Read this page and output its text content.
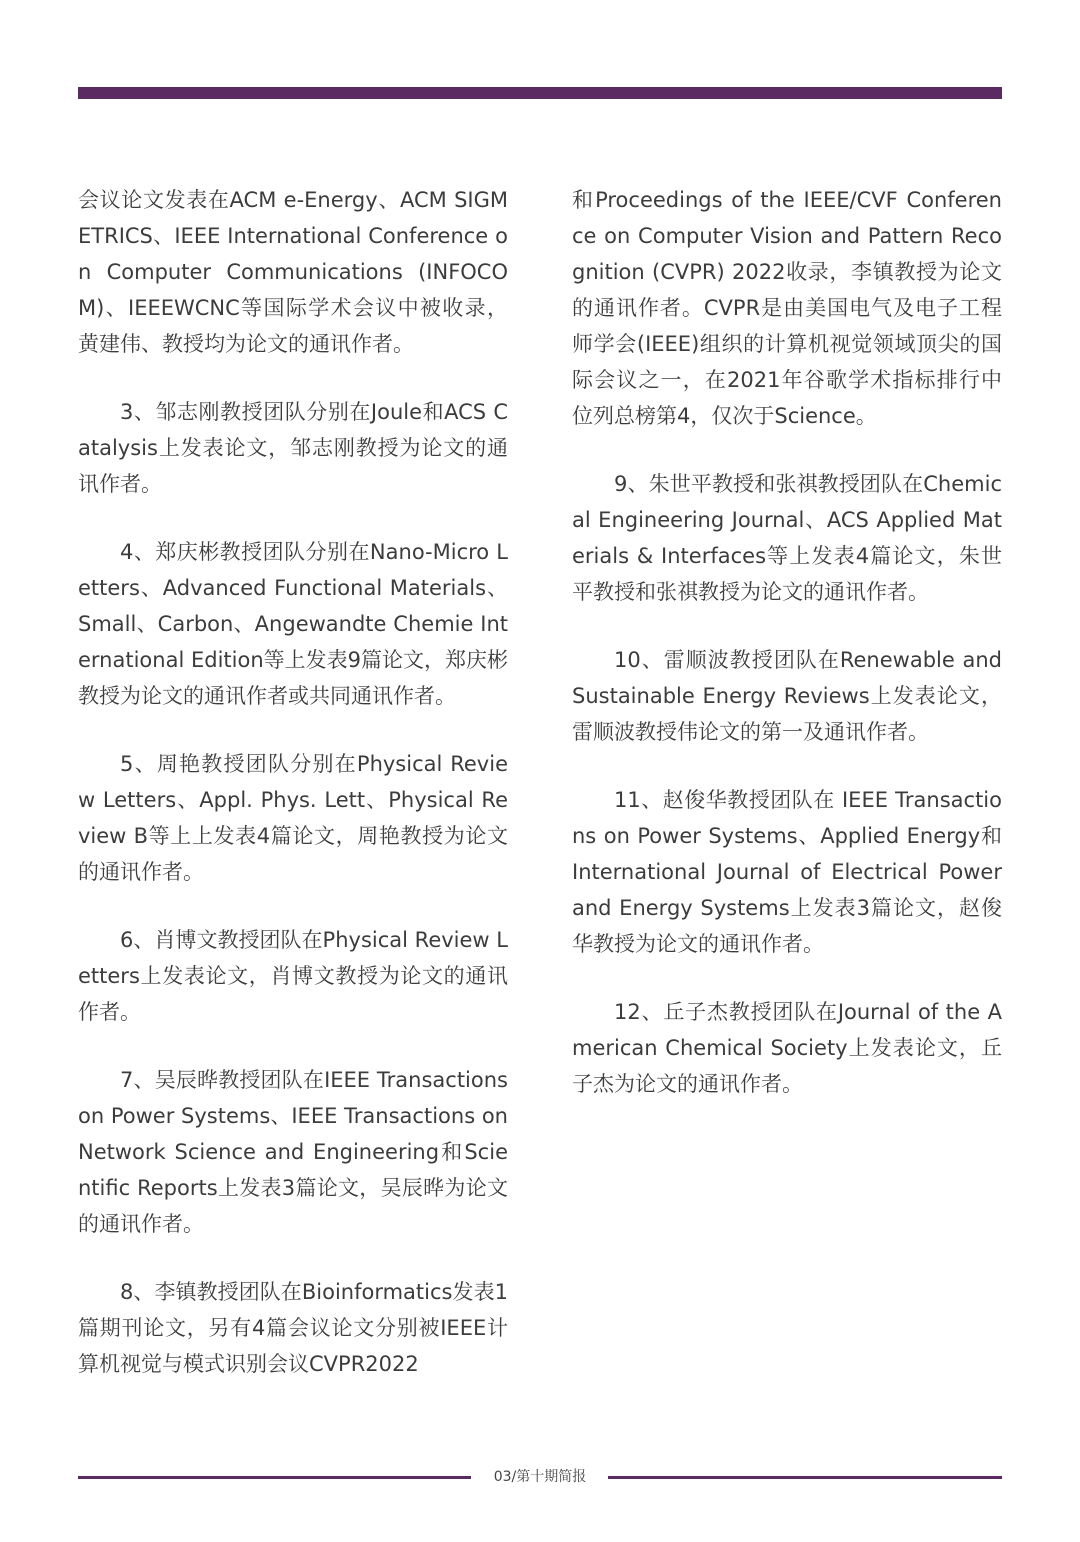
会议论文发表在ACM e-Energy、ACM SIGMETRICS、IEEE International Conference on Computer Communications (INFOCOM)、IEEEWCNC等国际学术会议中被收录，黄建伟、教授均为论文的通讯作者。

3、邹志刚教授团队分别在Joule和ACS Catalysis上发表论文，邹志刚教授为论文的通讯作者。

4、郑庆彬教授团队分别在Nano-Micro Letters、Advanced Functional Materials、Small、Carbon、Angewandte Chemie International Edition等上发表9篇论文，郑庆彬教授为论文的通讯作者或共同通讯作者。

5、周艳教授团队分别在Physical Review Letters、Appl. Phys. Lett、Physical Review B等上上发表4篇论文，周艳教授为论文的通讯作者。

6、肖博文教授团队在Physical Review Letters上发表论文，肖博文教授为论文的通讯作者。

7、吴辰晔教授团队在IEEE Transactions on Power Systems、IEEE Transactions on Network Science and Engineering和Scientific Reports上发表3篇论文，吴辰晔为论文的通讯作者。

8、李镇教授团队在Bioinformatics发表1篇期刊论文，另有4篇会议论文分别被IEEE计算机视觉与模式识别会议CVPR2022

和Proceedings of the IEEE/CVF Conference on Computer Vision and Pattern Recognition (CVPR) 2022收录，李镇教授为论文的通讯作者。CVPR是由美国电气及电子工程师学会(IEEE)组织的计算机视觉领域顶尖的国际会议之一，在2021年谷歌学术指标排行中位列总榜第4，仅次于Science。

9、朱世平教授和张祺教授团队在Chemical Engineering Journal、ACS Applied Materials & Interfaces等上发表4篇论文，朱世平教授和张祺教授为论文的通讯作者。

10、雷顺波教授团队在Renewable and Sustainable Energy Reviews上发表论文，雷顺波教授伟论文的第一及通讯作者。

11、赵俊华教授团队在 IEEE Transactions on Power Systems、Applied Energy和International Journal of Electrical Power and Energy Systems上发表3篇论文，赵俊华教授为论文的通讯作者。

12、丘子杰教授团队在Journal of the American Chemical Society上发表论文，丘子杰为论文的通讯作者。

03/第十期简报
